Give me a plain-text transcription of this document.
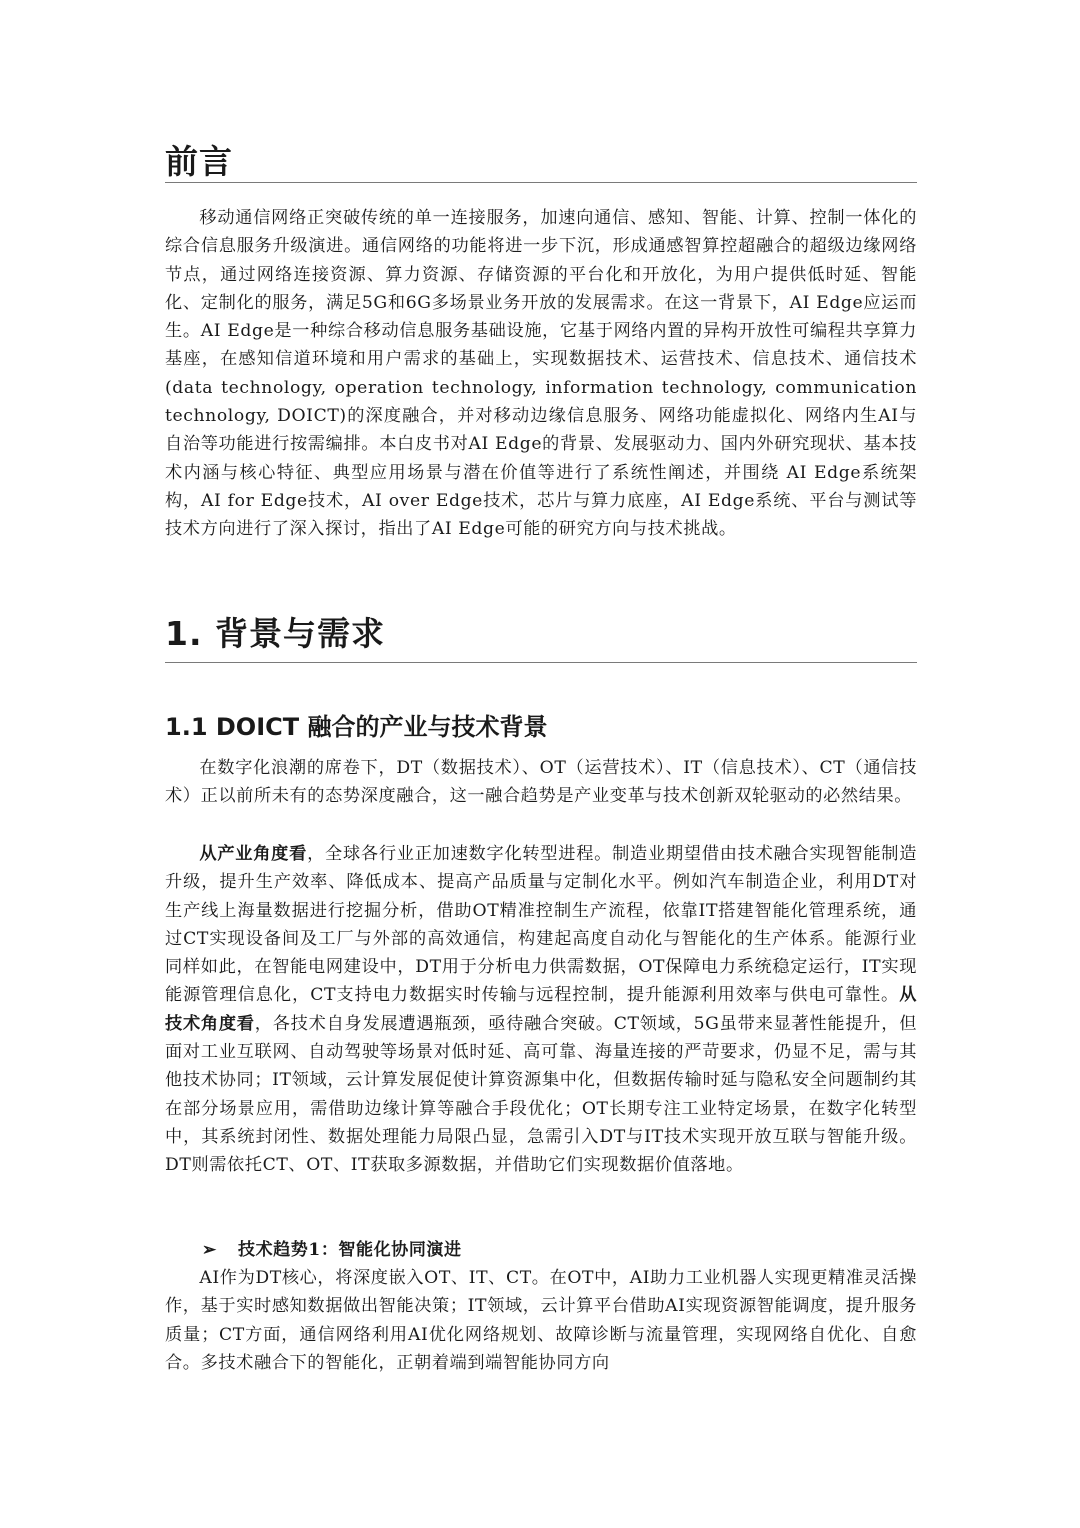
前言

移动通信网络正突破传统的单一连接服务，加速向通信、感知、智能、计算、控制一体化的综合信息服务升级演进。通信网络的功能将进一步下沉，形成通感智算控超融合的超级边缘网络节点，通过网络连接资源、算力资源、存储资源的平台化和开放化，为用户提供低时延、智能化、定制化的服务，满足5G和6G多场景业务开放的发展需求。在这一背景下，AI Edge应运而生。AI Edge是一种综合移动信息服务基础设施，它基于网络内置的异构开放性可编程共享算力基座，在感知信道环境和用户需求的基础上，实现数据技术、运营技术、信息技术、通信技术(data technology, operation technology, information technology, communication technology, DOICT)的深度融合，并对移动边缘信息服务、网络功能虚拟化、网络内生AI与自治等功能进行按需编排。本白皮书对AI Edge的背景、发展驱动力、国内外研究现状、基本技术内涵与核心特征、典型应用场景与潜在价值等进行了系统性阐述，并围绕 AI Edge系统架构，AI for Edge技术，AI over Edge技术，芯片与算力底座，AI Edge系统、平台与测试等技术方向进行了深入探讨，指出了AI Edge可能的研究方向与技术挑战。

1. 背景与需求
1.1 DOICT 融合的产业与技术背景

在数字化浪潮的席卷下，DT（数据技术）、OT（运营技术）、IT（信息技术）、CT（通信技术）正以前所未有的态势深度融合，这一融合趋势是产业变革与技术创新双轮驱动的必然结果。

从产业角度看，全球各行业正加速数字化转型进程。制造业期望借由技术融合实现智能制造升级，提升生产效率、降低成本、提高产品质量与定制化水平。例如汽车制造企业，利用DT对生产线上海量数据进行挖掘分析，借助OT精准控制生产流程，依靠IT搭建智能化管理系统，通过CT实现设备间及工厂与外部的高效通信，构建起高度自动化与智能化的生产体系。能源行业同样如此，在智能电网建设中，DT用于分析电力供需数据，OT保障电力系统稳定运行，IT实现能源管理信息化，CT支持电力数据实时传输与远程控制，提升能源利用效率与供电可靠性。从技术角度看，各技术自身发展遭遇瓶颈，亟待融合突破。CT领域，5G虽带来显著性能提升，但面对工业互联网、自动驾驶等场景对低时延、高可靠、海量连接的严苛要求，仍显不足，需与其他技术协同；IT领域，云计算发展促使计算资源集中化，但数据传输时延与隐私安全问题制约其在部分场景应用，需借助边缘计算等融合手段优化；OT长期专注工业特定场景，在数字化转型中，其系统封闭性、数据处理能力局限凸显，急需引入DT与IT技术实现开放互联与智能升级。DT则需依托CT、OT、IT获取多源数据，并借助它们实现数据价值落地。

➢ 技术趋势1：智能化协同演进

AI作为DT核心，将深度嵌入OT、IT、CT。在OT中，AI助力工业机器人实现更精准灵活操作，基于实时感知数据做出智能决策；IT领域，云计算平台借助AI实现资源智能调度，提升服务质量；CT方面，通信网络利用AI优化网络规划、故障诊断与流量管理，实现网络自优化、自愈合。多技术融合下的智能化，正朝着端到端智能协同方向
